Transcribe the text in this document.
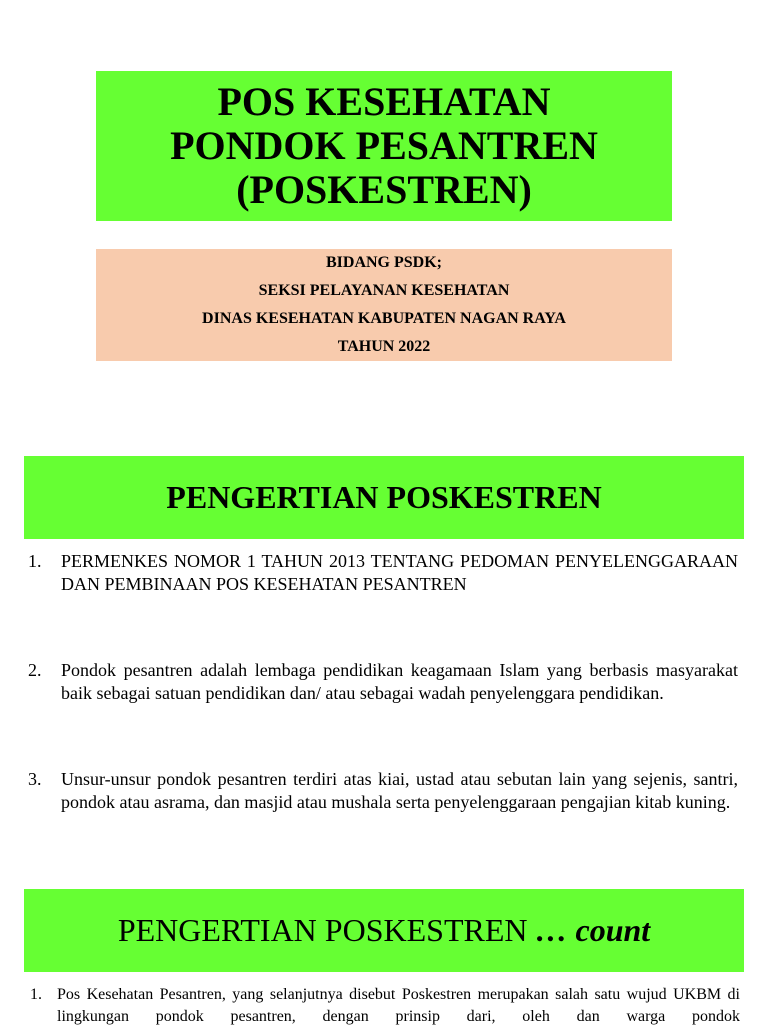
POS KESEHATAN
PONDOK PESANTREN
(POSKESTREN)
BIDANG PSDK;
SEKSI PELAYANAN KESEHATAN
DINAS KESEHATAN KABUPATEN NAGAN RAYA
TAHUN 2022
PENGERTIAN POSKESTREN
1.	PERMENKES NOMOR 1 TAHUN 2013 TENTANG PEDOMAN PENYELENGGARAAN DAN PEMBINAAN POS KESEHATAN PESANTREN
2.	Pondok pesantren adalah lembaga pendidikan keagamaan Islam yang berbasis masyarakat baik sebagai satuan pendidikan dan/ atau sebagai wadah penyelenggara pendidikan.
3.	Unsur-unsur pondok pesantren terdiri atas kiai, ustad atau sebutan lain yang sejenis, santri, pondok atau asrama, dan masjid atau mushala serta penyelenggaraan pengajian kitab kuning.
PENGERTIAN POSKESTREN … count
1. Pos Kesehatan Pesantren, yang selanjutnya disebut Poskestren merupakan salah satu wujud UKBM di lingkungan pondok pesantren, dengan prinsip dari, oleh dan warga pondok
